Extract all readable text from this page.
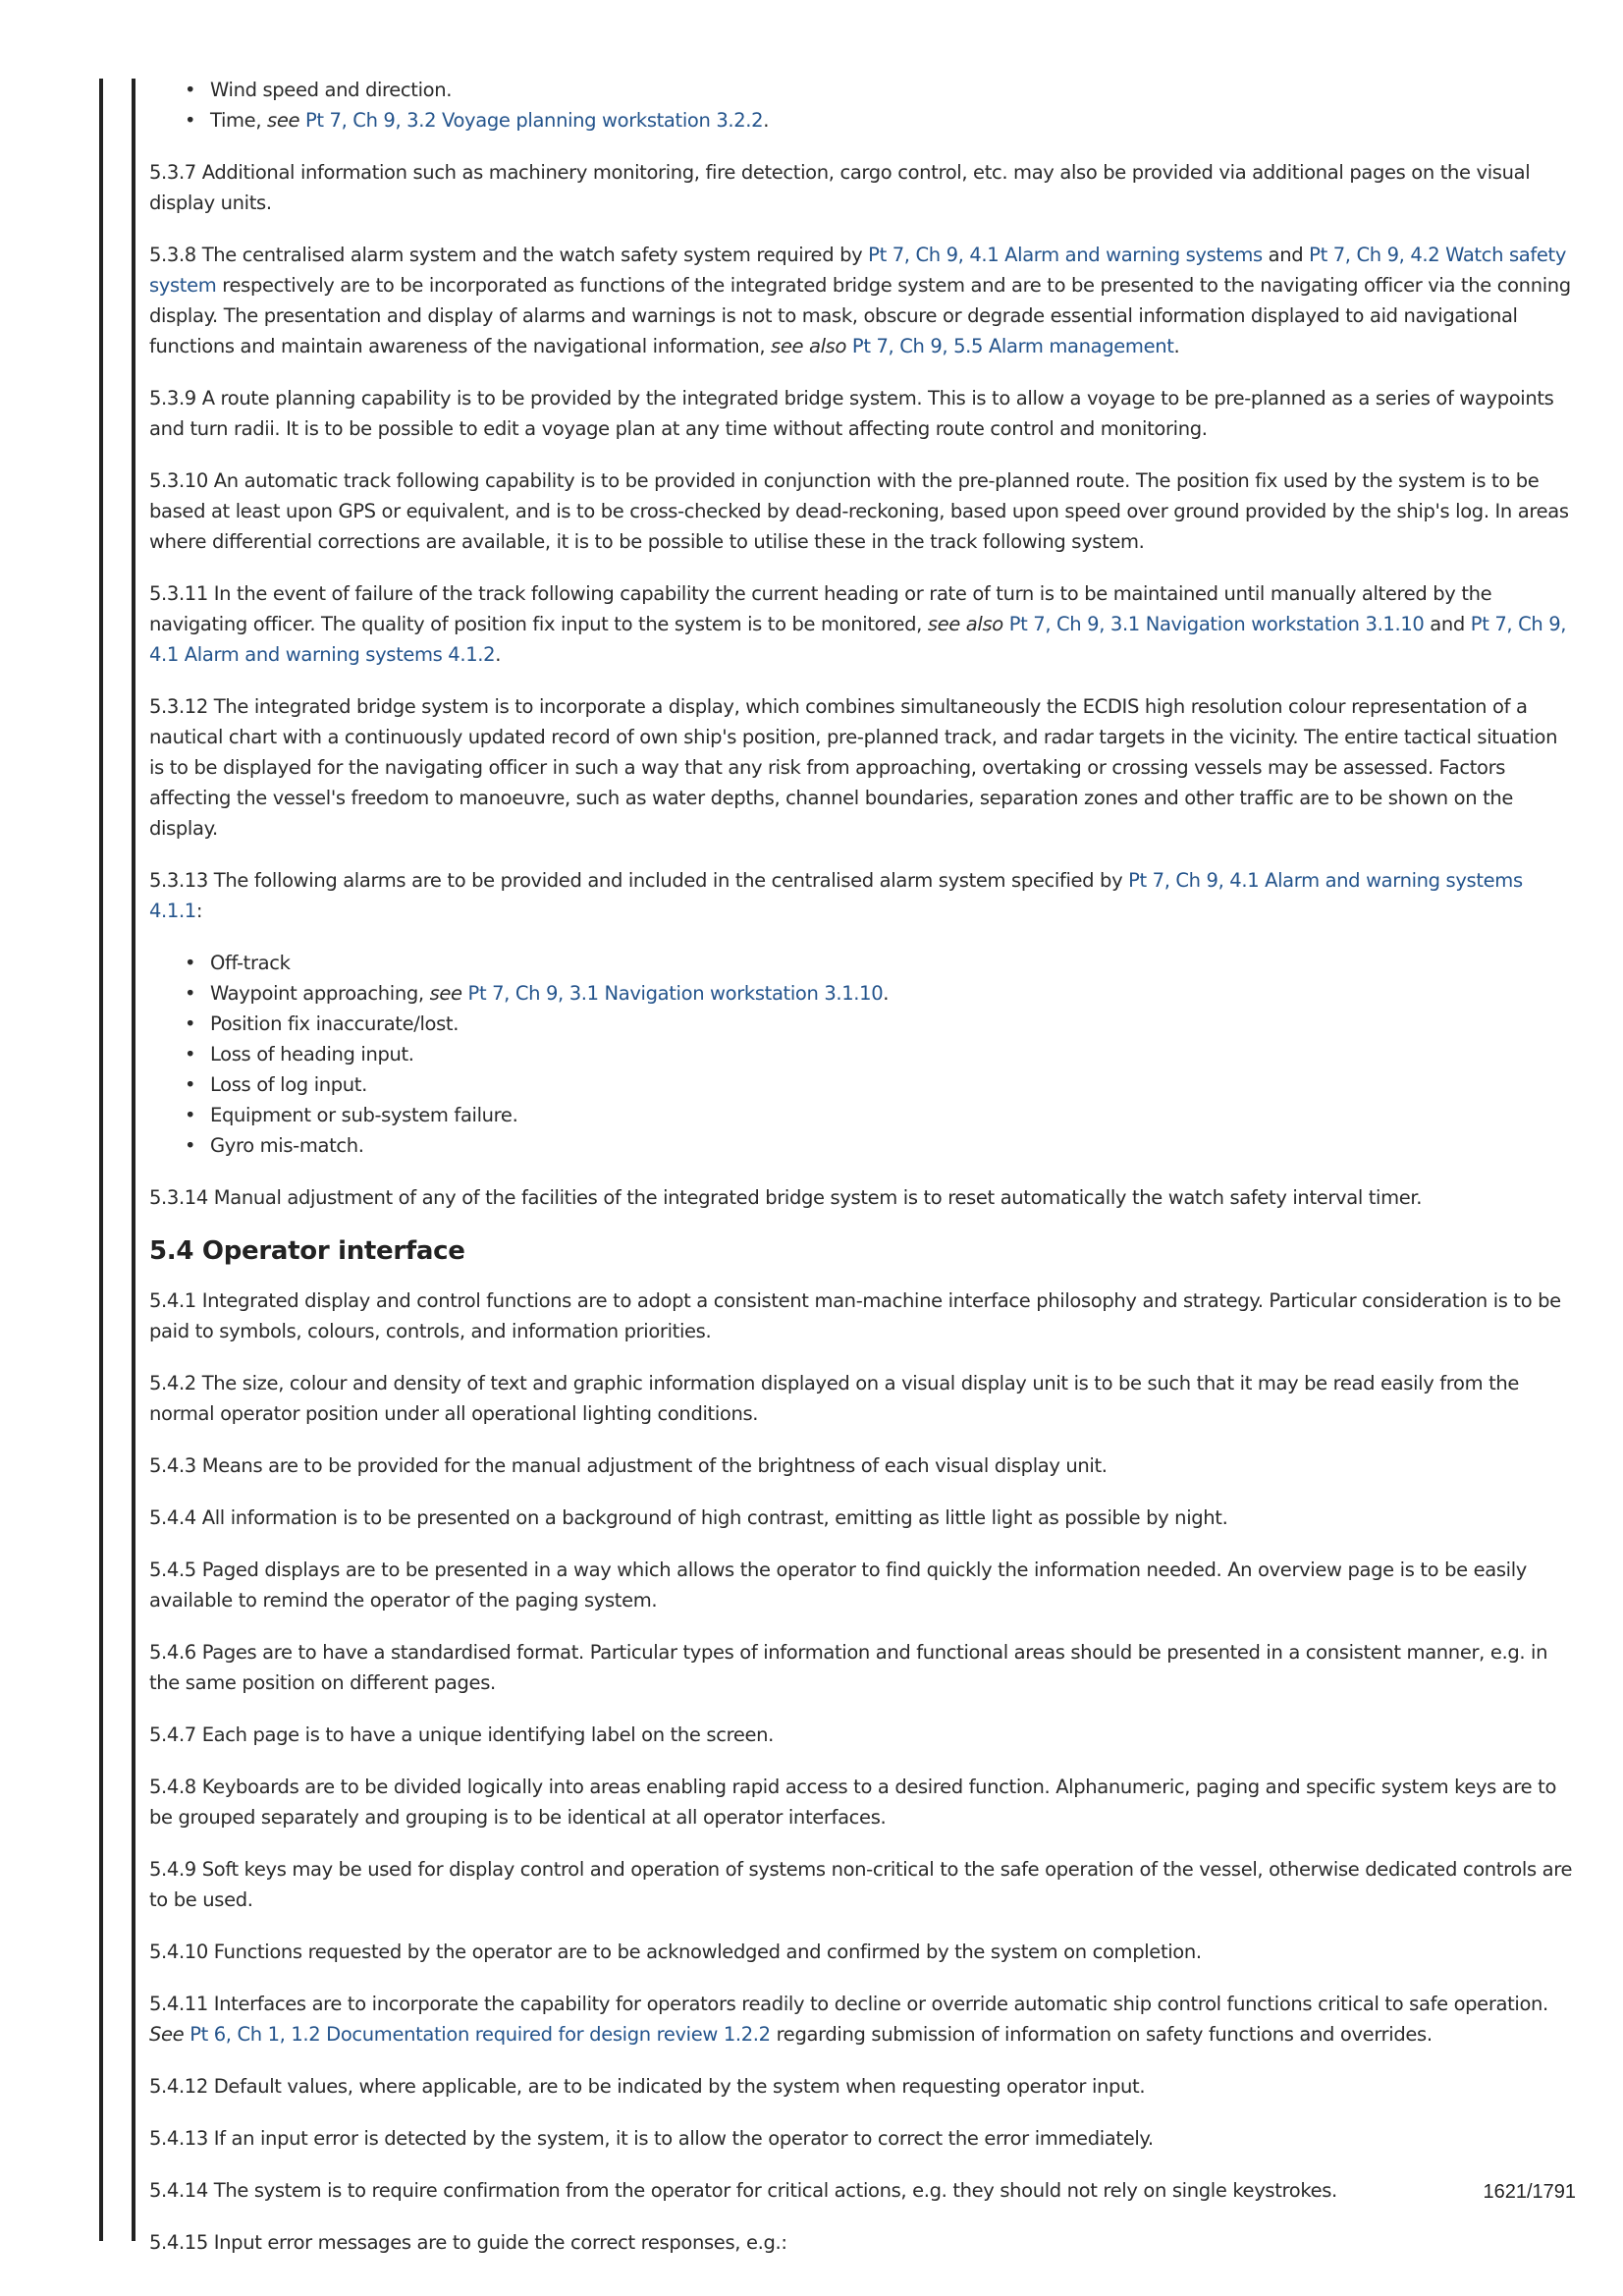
• Wind speed and direction.
• Time, see Pt 7, Ch 9, 3.2 Voyage planning workstation 3.2.2.

5.3.7 Additional information such as machinery monitoring, fire detection, cargo control, etc. may also be provided via additional pages on the visual display units.

5.3.8 The centralised alarm system and the watch safety system required by Pt 7, Ch 9, 4.1 Alarm and warning systems and Pt 7, Ch 9, 4.2 Watch safety system respectively are to be incorporated as functions of the integrated bridge system and are to be presented to the navigating officer via the conning display. The presentation and display of alarms and warnings is not to mask, obscure or degrade essential information displayed to aid navigational functions and maintain awareness of the navigational information, see also Pt 7, Ch 9, 5.5 Alarm management.

5.3.9 A route planning capability is to be provided by the integrated bridge system. This is to allow a voyage to be pre-planned as a series of waypoints and turn radii. It is to be possible to edit a voyage plan at any time without affecting route control and monitoring.

5.3.10 An automatic track following capability is to be provided in conjunction with the pre-planned route. The position fix used by the system is to be based at least upon GPS or equivalent, and is to be cross-checked by dead-reckoning, based upon speed over ground provided by the ship's log. In areas where differential corrections are available, it is to be possible to utilise these in the track following system.

5.3.11 In the event of failure of the track following capability the current heading or rate of turn is to be maintained until manually altered by the navigating officer. The quality of position fix input to the system is to be monitored, see also Pt 7, Ch 9, 3.1 Navigation workstation 3.1.10 and Pt 7, Ch 9, 4.1 Alarm and warning systems 4.1.2.

5.3.12 The integrated bridge system is to incorporate a display, which combines simultaneously the ECDIS high resolution colour representation of a nautical chart with a continuously updated record of own ship's position, pre-planned track, and radar targets in the vicinity. The entire tactical situation is to be displayed for the navigating officer in such a way that any risk from approaching, overtaking or crossing vessels may be assessed. Factors affecting the vessel's freedom to manoeuvre, such as water depths, channel boundaries, separation zones and other traffic are to be shown on the display.

5.3.13 The following alarms are to be provided and included in the centralised alarm system specified by Pt 7, Ch 9, 4.1 Alarm and warning systems 4.1.1:

• Off-track
• Waypoint approaching, see Pt 7, Ch 9, 3.1 Navigation workstation 3.1.10.
• Position fix inaccurate/lost.
• Loss of heading input.
• Loss of log input.
• Equipment or sub-system failure.
• Gyro mis-match.

5.3.14 Manual adjustment of any of the facilities of the integrated bridge system is to reset automatically the watch safety interval timer.

5.4 Operator interface

5.4.1 Integrated display and control functions are to adopt a consistent man-machine interface philosophy and strategy. Particular consideration is to be paid to symbols, colours, controls, and information priorities.

5.4.2 The size, colour and density of text and graphic information displayed on a visual display unit is to be such that it may be read easily from the normal operator position under all operational lighting conditions.

5.4.3 Means are to be provided for the manual adjustment of the brightness of each visual display unit.

5.4.4 All information is to be presented on a background of high contrast, emitting as little light as possible by night.

5.4.5 Paged displays are to be presented in a way which allows the operator to find quickly the information needed. An overview page is to be easily available to remind the operator of the paging system.

5.4.6 Pages are to have a standardised format. Particular types of information and functional areas should be presented in a consistent manner, e.g. in the same position on different pages.

5.4.7 Each page is to have a unique identifying label on the screen.

5.4.8 Keyboards are to be divided logically into areas enabling rapid access to a desired function. Alphanumeric, paging and specific system keys are to be grouped separately and grouping is to be identical at all operator interfaces.

5.4.9 Soft keys may be used for display control and operation of systems non-critical to the safe operation of the vessel, otherwise dedicated controls are to be used.

5.4.10 Functions requested by the operator are to be acknowledged and confirmed by the system on completion.

5.4.11 Interfaces are to incorporate the capability for operators readily to decline or override automatic ship control functions critical to safe operation. See Pt 6, Ch 1, 1.2 Documentation required for design review 1.2.2 regarding submission of information on safety functions and overrides.

5.4.12 Default values, where applicable, are to be indicated by the system when requesting operator input.

5.4.13 If an input error is detected by the system, it is to allow the operator to correct the error immediately.

5.4.14 The system is to require confirmation from the operator for critical actions, e.g. they should not rely on single keystrokes.

5.4.15 Input error messages are to guide the correct responses, e.g.:

1621/1791
